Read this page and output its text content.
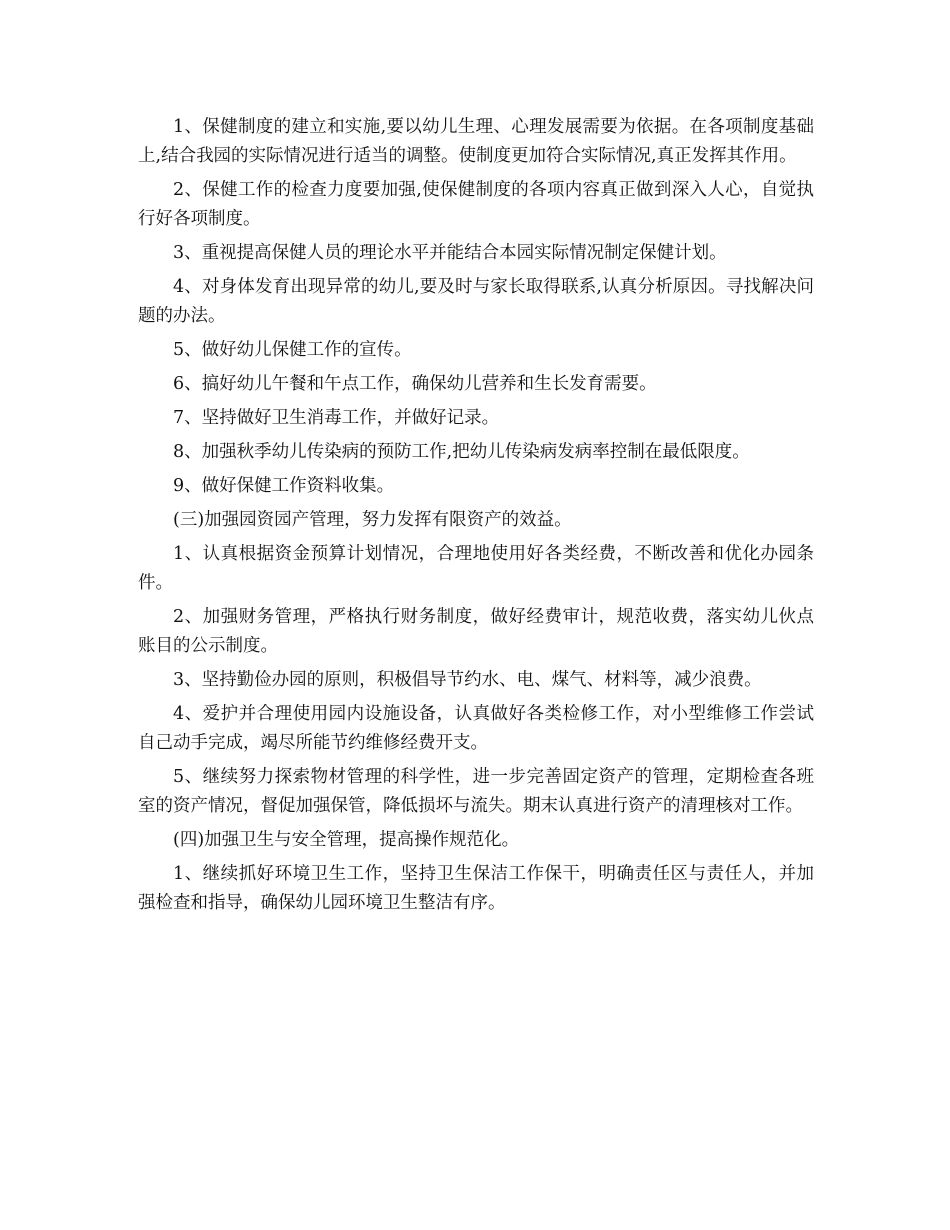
1、保健制度的建立和实施,要以幼儿生理、心理发展需要为依据。在各项制度基础上,结合我园的实际情况进行适当的调整。使制度更加符合实际情况,真正发挥其作用。

2、保健工作的检查力度要加强,使保健制度的各项内容真正做到深入人心，自觉执行好各项制度。

3、重视提高保健人员的理论水平并能结合本园实际情况制定保健计划。

4、对身体发育出现异常的幼儿,要及时与家长取得联系,认真分析原因。寻找解决问题的办法。

5、做好幼儿保健工作的宣传。

6、搞好幼儿午餐和午点工作，确保幼儿营养和生长发育需要。

7、坚持做好卫生消毒工作，并做好记录。

8、加强秋季幼儿传染病的预防工作,把幼儿传染病发病率控制在最低限度。

9、做好保健工作资料收集。

(三)加强园资园产管理，努力发挥有限资产的效益。

1、认真根据资金预算计划情况，合理地使用好各类经费，不断改善和优化办园条件。

2、加强财务管理，严格执行财务制度，做好经费审计，规范收费，落实幼儿伙点账目的公示制度。

3、坚持勤俭办园的原则，积极倡导节约水、电、煤气、材料等，减少浪费。

4、爱护并合理使用园内设施设备，认真做好各类检修工作，对小型维修工作尝试自己动手完成，竭尽所能节约维修经费开支。

5、继续努力探索物材管理的科学性，进一步完善固定资产的管理，定期检查各班室的资产情况，督促加强保管，降低损坏与流失。期末认真进行资产的清理核对工作。

(四)加强卫生与安全管理，提高操作规范化。

1、继续抓好环境卫生工作，坚持卫生保洁工作保干，明确责任区与责任人，并加强检查和指导，确保幼儿园环境卫生整洁有序。
